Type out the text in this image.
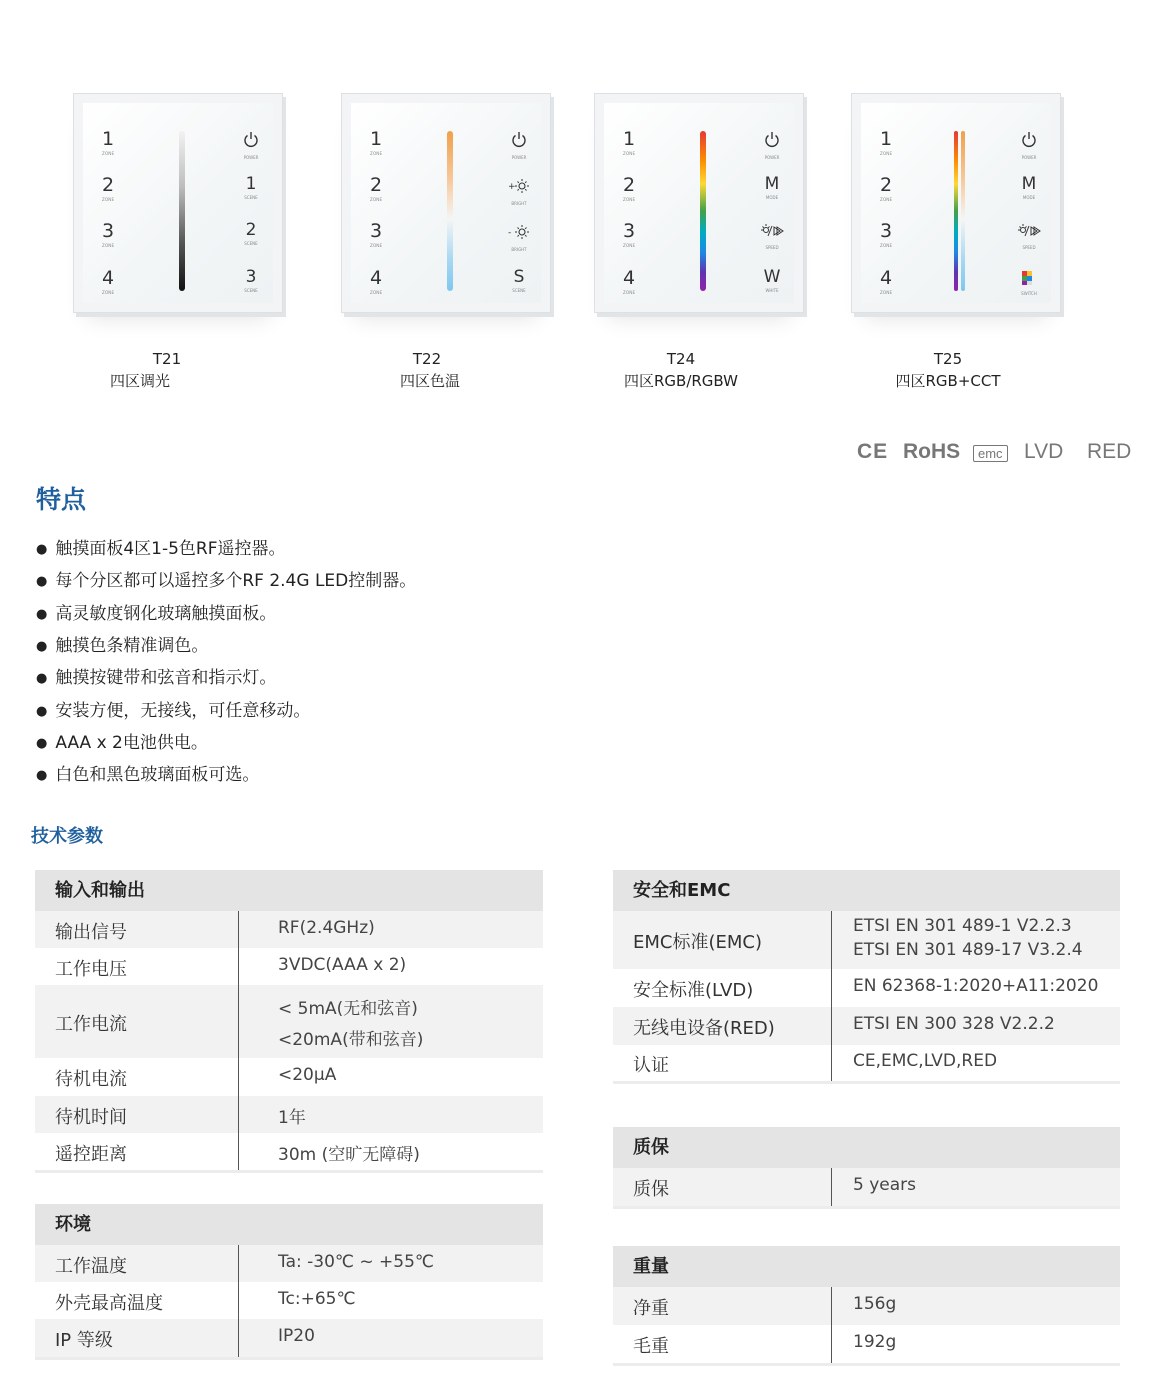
1
ZONE
2
ZONE
3
ZONE
4
ZONE
POWER
1
SCENE
2
SCENE
3
SCENE
T21
四区调光
1
ZONE
2
ZONE
3
ZONE
4
ZONE
POWER
+
BRIGHT
-
BRIGHT
S
SCENE
T22
四区色温
1
ZONE
2
ZONE
3
ZONE
4
ZONE
POWER
M
MODE
SPEED
W
WHITE
T24
四区RGB/RGBW
1
ZONE
2
ZONE
3
ZONE
4
ZONE
POWER
M
MODE
SPEED
SWITCH
T25
四区RGB+CCT
CE RoHS	emc LVD RED
特点
● 触摸面板4区1-5色RF遥控器。
● 每个分区都可以遥控多个RF 2.4G LED控制器。
● 高灵敏度钢化玻璃触摸面板。
● 触摸色条精准调色。
● 触摸按键带和弦音和指示灯。
● 安装方便，无接线，可任意移动。
● AAA x 2电池供电。
● 白色和黑色玻璃面板可选。
技术参数
输入和输出
输出信号	RF(2.4GHz)
工作电压	3VDC(AAA x 2)
工作电流
< 5mA(无和弦音)
<20mA(带和弦音)
待机电流	<20μA
待机时间	1年
遥控距离	30m (空旷无障碍)
环境
工作温度	Ta: -30℃ ~ +55℃
外壳最高温度	Tc:+65℃
IP 等级	IP20
安全和EMC
EMC标准(EMC)
ETSI EN 301 489-1 V2.2.3
ETSI EN 301 489-17 V3.2.4
安全标准(LVD)	EN 62368-1:2020+A11:2020
无线电设备(RED)	ETSI EN 300 328 V2.2.2
认证	CE,EMC,LVD,RED
质保
质保	5 years
重量
净重	156g
毛重	192g
